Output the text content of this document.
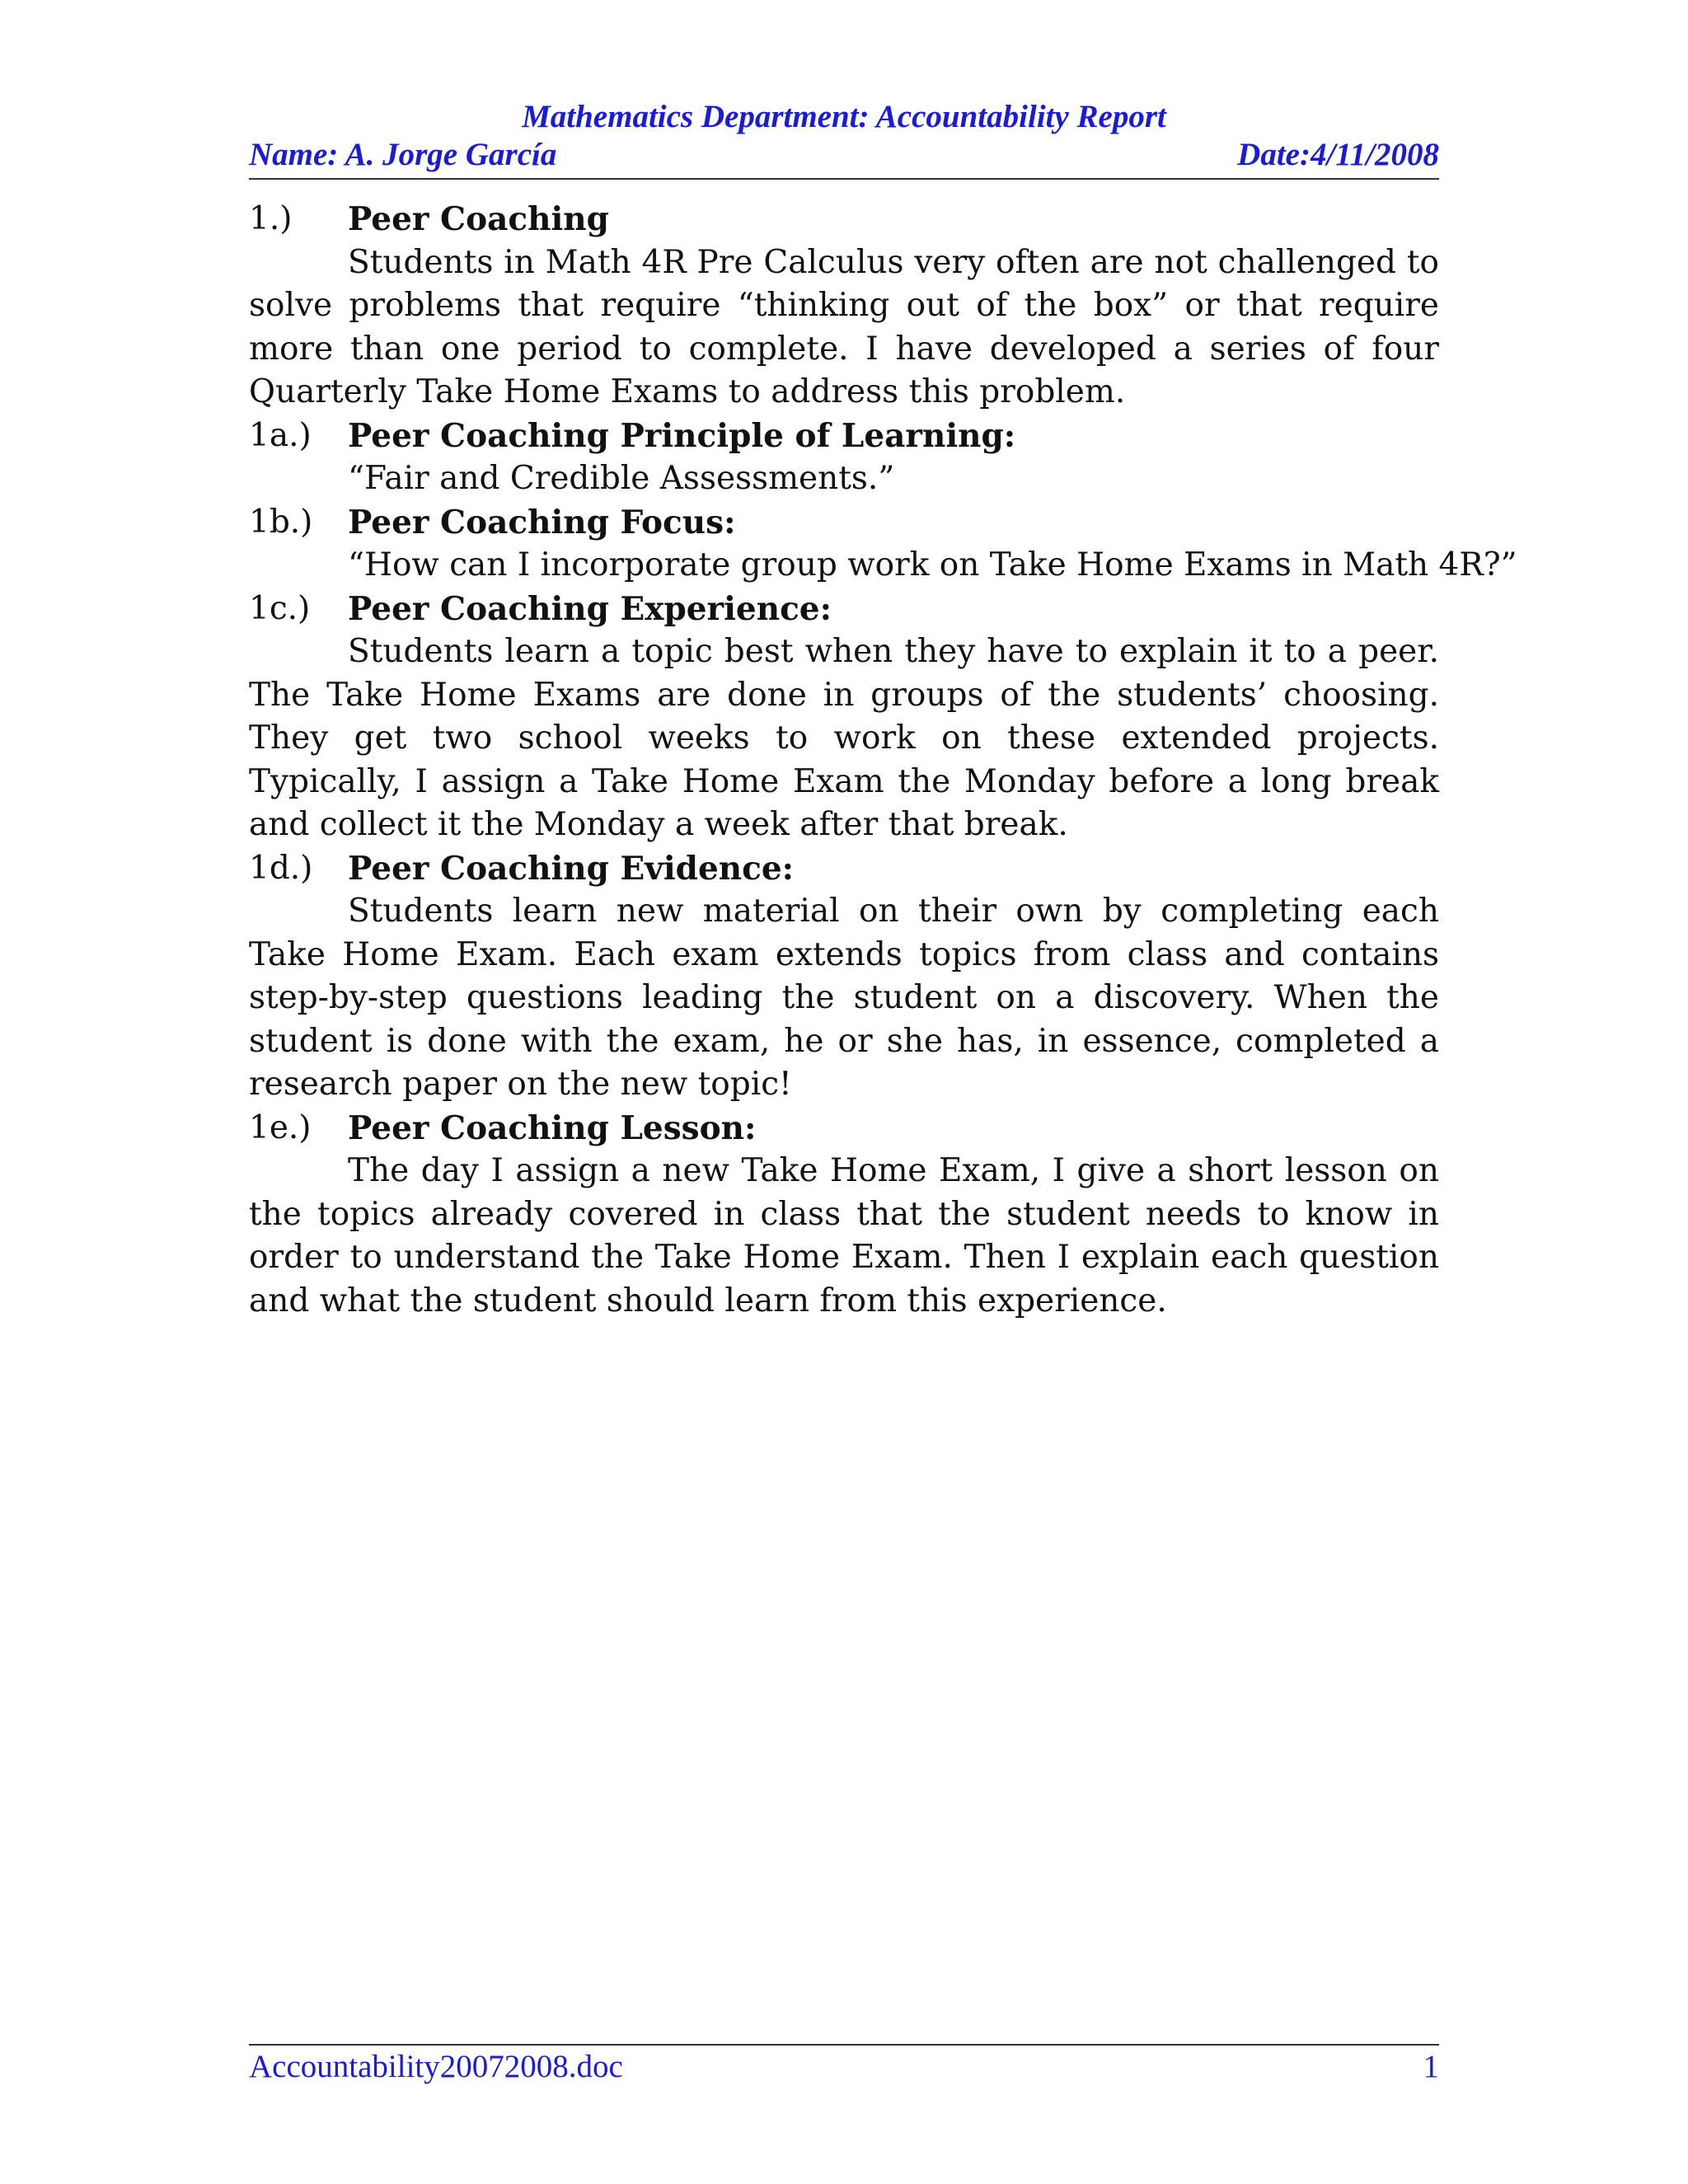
Mathematics Department: Accountability Report
Name: A. Jorge García	Date:4/11/2008
1.) Peer Coaching

Students in Math 4R Pre Calculus very often are not challenged to solve problems that require “thinking out of the box” or that require more than one period to complete. I have developed a series of four Quarterly Take Home Exams to address this problem.

1a.) Peer Coaching Principle of Learning:

“Fair and Credible Assessments.”

1b.) Peer Coaching Focus:

“How can I incorporate group work on Take Home Exams in Math 4R?”

1c.) Peer Coaching Experience:

Students learn a topic best when they have to explain it to a peer. The Take Home Exams are done in groups of the students’ choosing. They get two school weeks to work on these extended projects. Typically, I assign a Take Home Exam the Monday before a long break and collect it the Monday a week after that break.

1d.) Peer Coaching Evidence:

Students learn new material on their own by completing each Take Home Exam. Each exam extends topics from class and contains step-by-step questions leading the student on a discovery. When the student is done with the exam, he or she has, in essence, completed a research paper on the new topic!

1e.) Peer Coaching Lesson:

The day I assign a new Take Home Exam, I give a short lesson on the topics already covered in class that the student needs to know in order to understand the Take Home Exam. Then I explain each question and what the student should learn from this experience.

Accountability20072008.doc	1
